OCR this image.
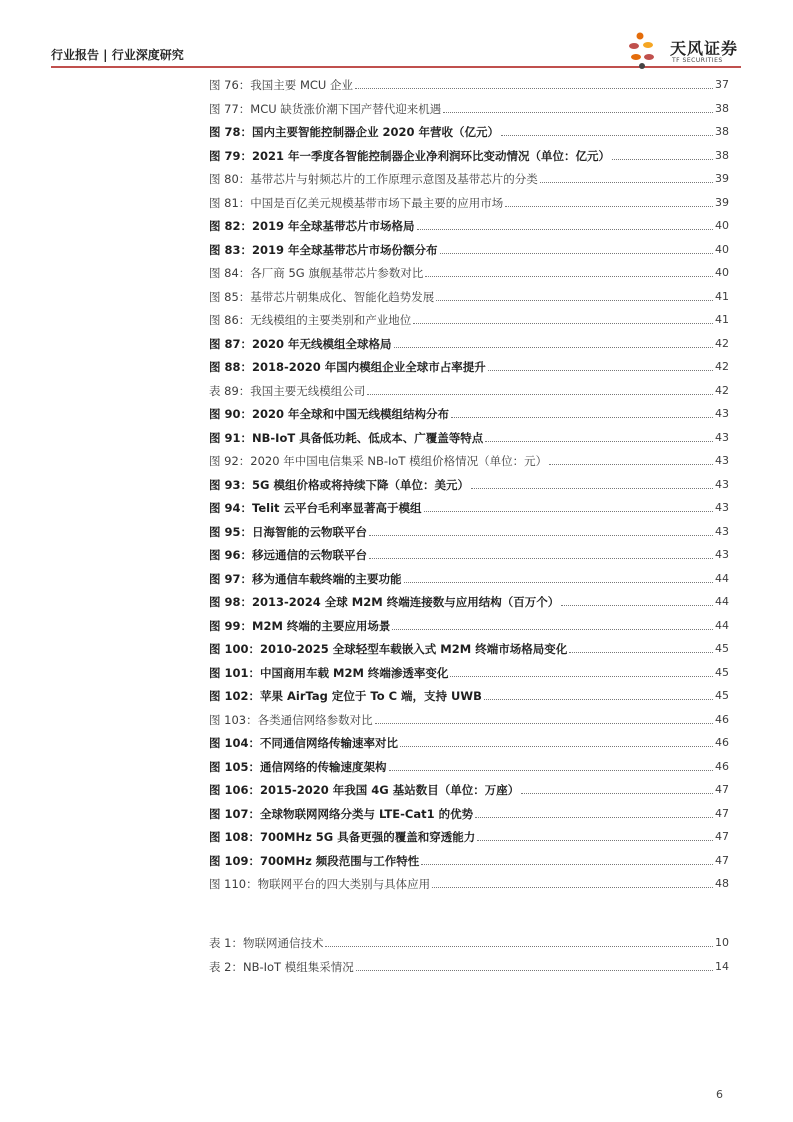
行业报告 | 行业深度研究	天风证券
TF SECURITIES
图 76：我国主要 MCU 企业	37
图 77：MCU 缺货涨价潮下国产替代迎来机遇	38
图 78：国内主要智能控制器企业 2020 年营收（亿元）	38
图 79：2021 年一季度各智能控制器企业净利润环比变动情况（单位：亿元）	38
图 80：基带芯片与射频芯片的工作原理示意图及基带芯片的分类	39
图 81：中国是百亿美元规模基带市场下最主要的应用市场	39
图 82：2019 年全球基带芯片市场格局	40
图 83：2019 年全球基带芯片市场份额分布	40
图 84：各厂商 5G 旗舰基带芯片参数对比	40
图 85：基带芯片朝集成化、智能化趋势发展	41
图 86：无线模组的主要类别和产业地位	41
图 87：2020 年无线模组全球格局	42
图 88：2018-2020 年国内模组企业全球市占率提升	42
表 89：我国主要无线模组公司	42
图 90：2020 年全球和中国无线模组结构分布	43
图 91：NB-IoT 具备低功耗、低成本、广覆盖等特点	43
图 92：2020 年中国电信集采 NB-IoT 模组价格情况（单位：元）	43
图 93：5G 模组价格或将持续下降（单位：美元）	43
图 94：Telit 云平台毛利率显著高于模组	43
图 95：日海智能的云物联平台	43
图 96：移远通信的云物联平台	43
图 97：移为通信车载终端的主要功能	44
图 98：2013-2024 全球 M2M 终端连接数与应用结构（百万个）	44
图 99：M2M 终端的主要应用场景	44
图 100：2010-2025 全球轻型车载嵌入式 M2M 终端市场格局变化	45
图 101：中国商用车载 M2M 终端渗透率变化	45
图 102：苹果 AirTag 定位于 To C 端，支持 UWB	45
图 103：各类通信网络参数对比	46
图 104：不同通信网络传输速率对比	46
图 105：通信网络的传输速度架构	46
图 106：2015-2020 年我国 4G 基站数目（单位：万座）	47
图 107：全球物联网网络分类与 LTE-Cat1 的优势	47
图 108：700MHz 5G 具备更强的覆盖和穿透能力	47
图 109：700MHz 频段范围与工作特性	47
图 110：物联网平台的四大类别与具体应用	48
表 1：物联网通信技术	10
表 2：NB-IoT 模组集采情况	14
6
